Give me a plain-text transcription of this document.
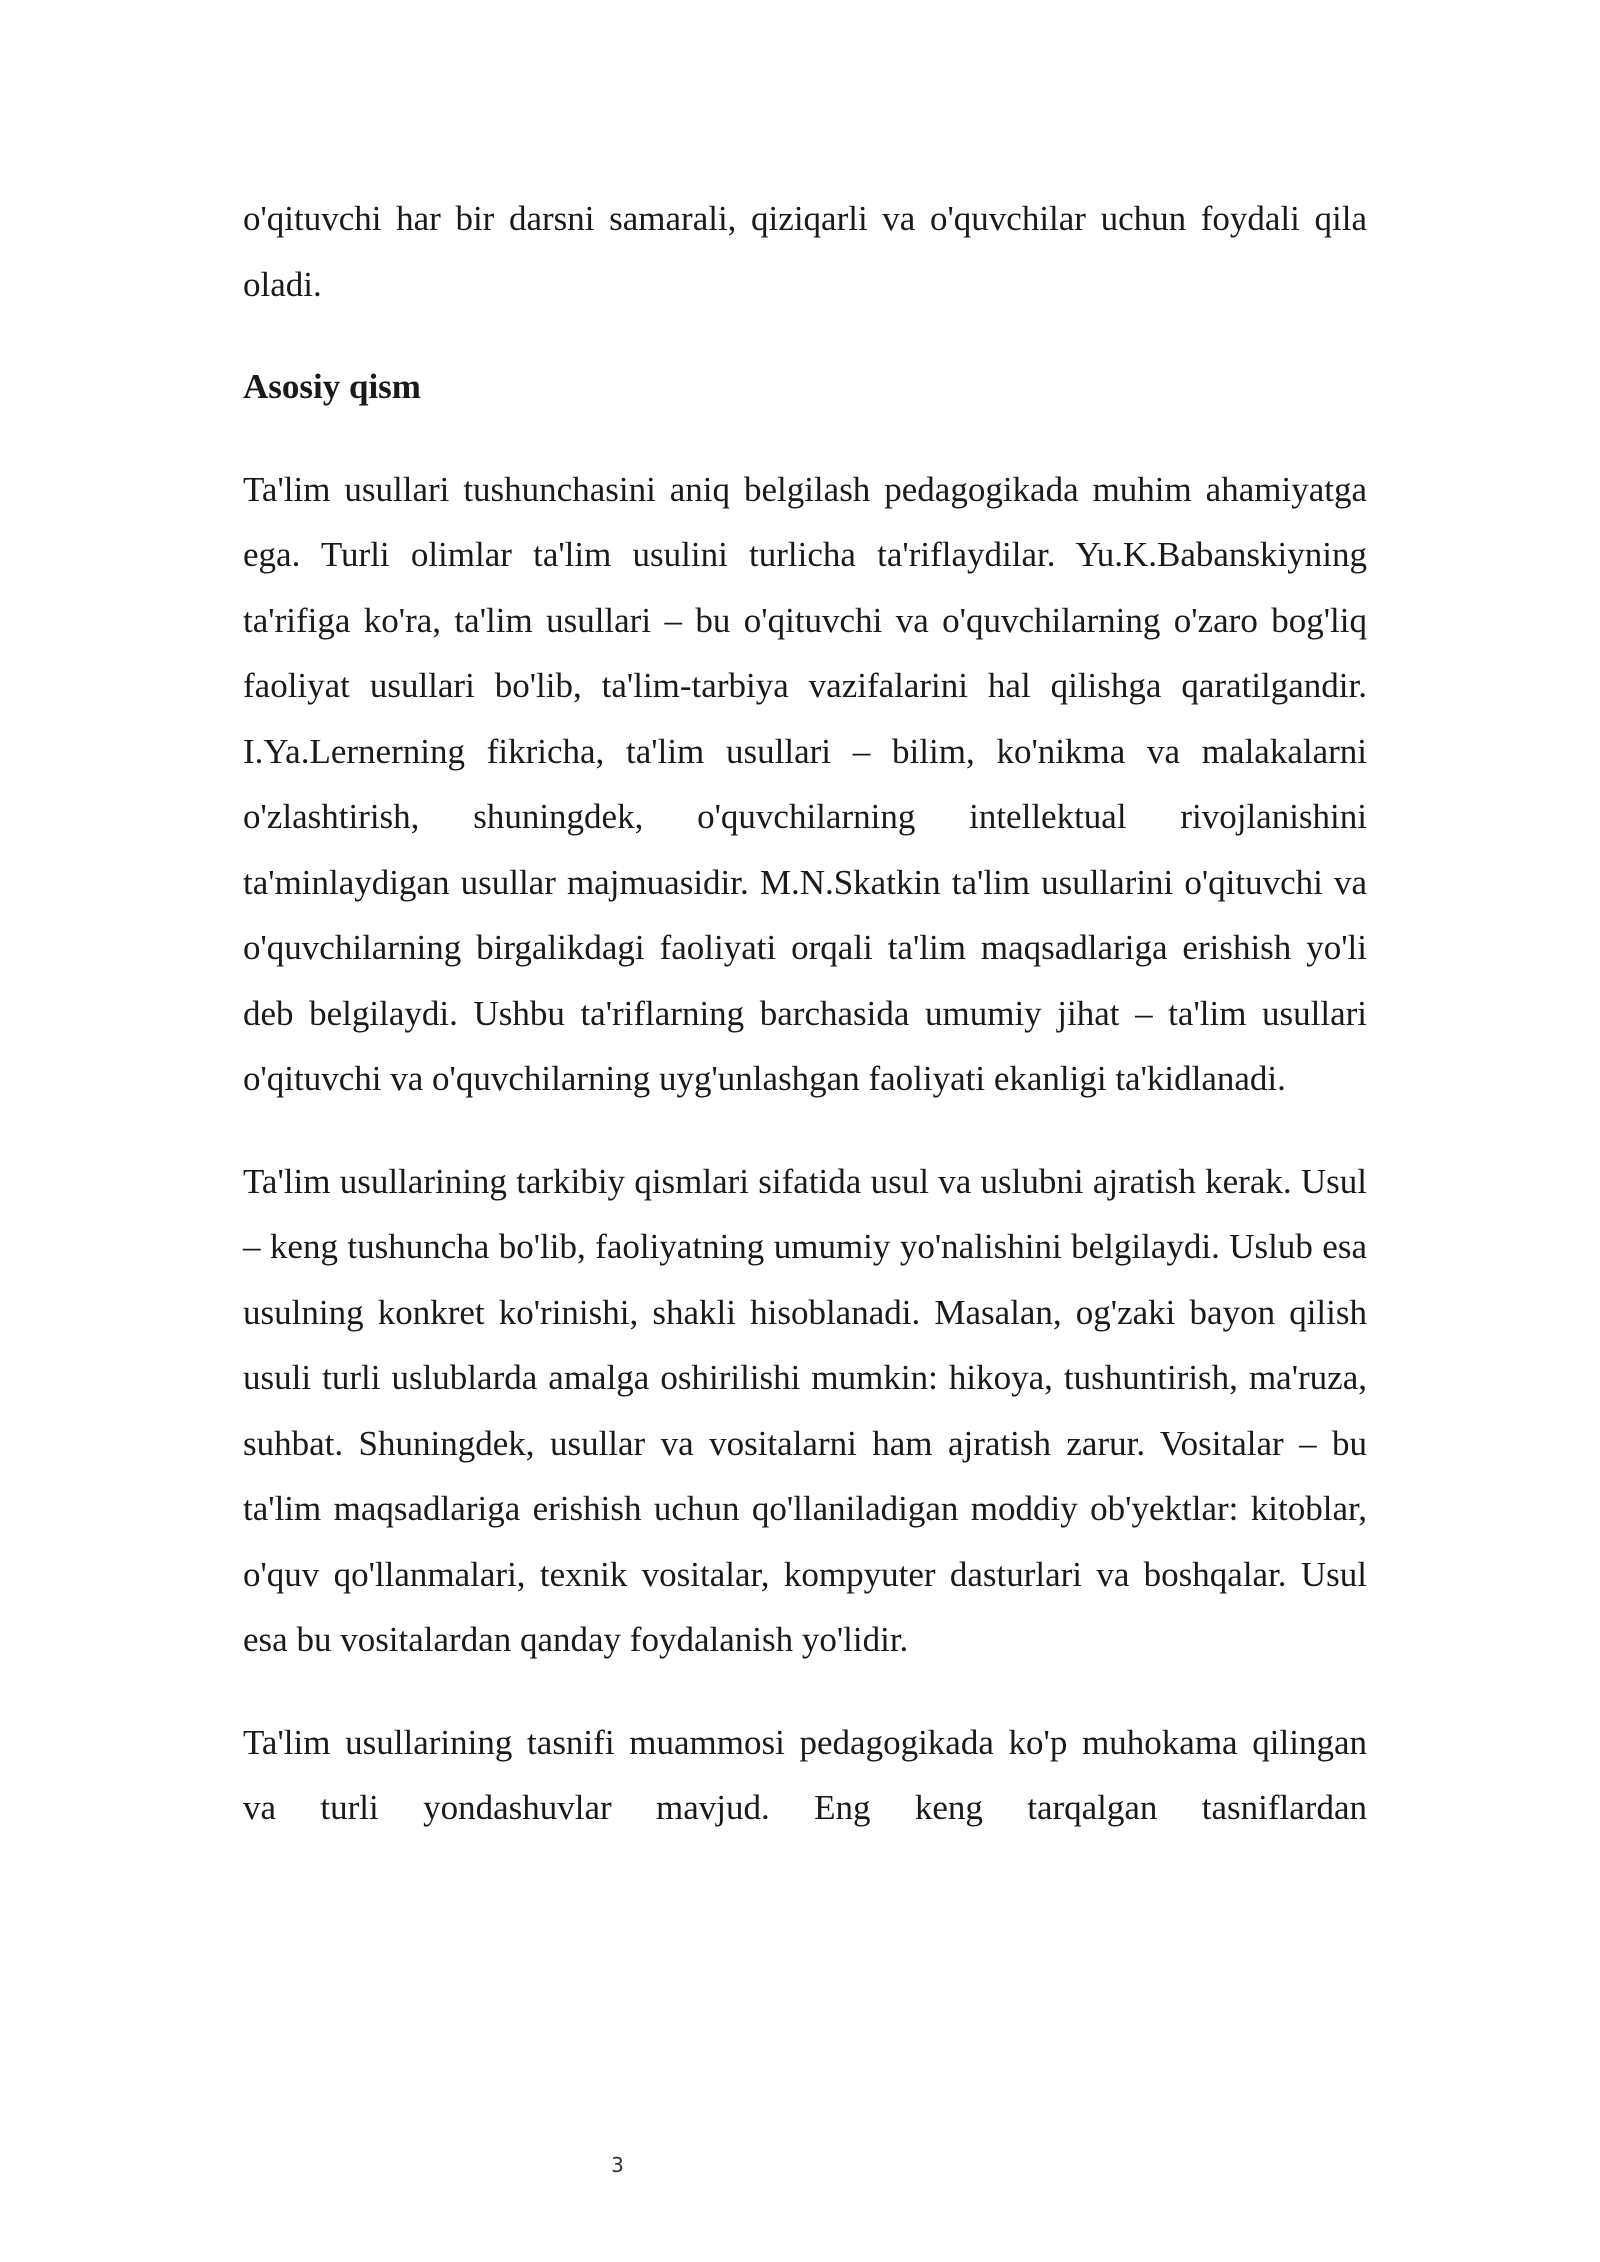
o'qituvchi har bir darsni samarali, qiziqarli va o'quvchilar uchun foydali qila oladi.

Asosiy qism

Ta'lim usullari tushunchasini aniq belgilash pedagogikada muhim ahamiyatga ega. Turli olimlar ta'lim usulini turlicha ta'riflaydilar. Yu.K.Babanskiyning ta'rifiga ko'ra, ta'lim usullari – bu o'qituvchi va o'quvchilarning o'zaro bog'liq faoliyat usullari bo'lib, ta'lim-tarbiya vazifalarini hal qilishga qaratilgandir. I.Ya.Lernerning fikricha, ta'lim usullari – bilim, ko'nikma va malakalarni o'zlashtirish, shuningdek, o'quvchilarning intellektual rivojlanishini ta'minlaydigan usullar majmuasidir. M.N.Skatkin ta'lim usullarini o'qituvchi va o'quvchilarning birgalikdagi faoliyati orqali ta'lim maqsadlariga erishish yo'li deb belgilaydi. Ushbu ta'riflarning barchasida umumiy jihat – ta'lim usullari o'qituvchi va o'quvchilarning uyg'unlashgan faoliyati ekanligi ta'kidlanadi.

Ta'lim usullarining tarkibiy qismlari sifatida usul va uslubni ajratish kerak. Usul – keng tushuncha bo'lib, faoliyatning umumiy yo'nalishini belgilaydi. Uslub esa usulning konkret ko'rinishi, shakli hisoblanadi. Masalan, og'zaki bayon qilish usuli turli uslublarda amalga oshirilishi mumkin: hikoya, tushuntirish, ma'ruza, suhbat. Shuningdek, usullar va vositalarni ham ajratish zarur. Vositalar – bu ta'lim maqsadlariga erishish uchun qo'llaniladigan moddiy ob'yektlar: kitoblar, o'quv qo'llanmalari, texnik vositalar, kompyuter dasturlari va boshqalar. Usul esa bu vositalardan qanday foydalanish yo'lidir.

Ta'lim usullarining tasnifi muammosi pedagogikada ko'p muhokama qilingan va turli yondashuvlar mavjud. Eng keng tarqalgan tasniflardan

3
